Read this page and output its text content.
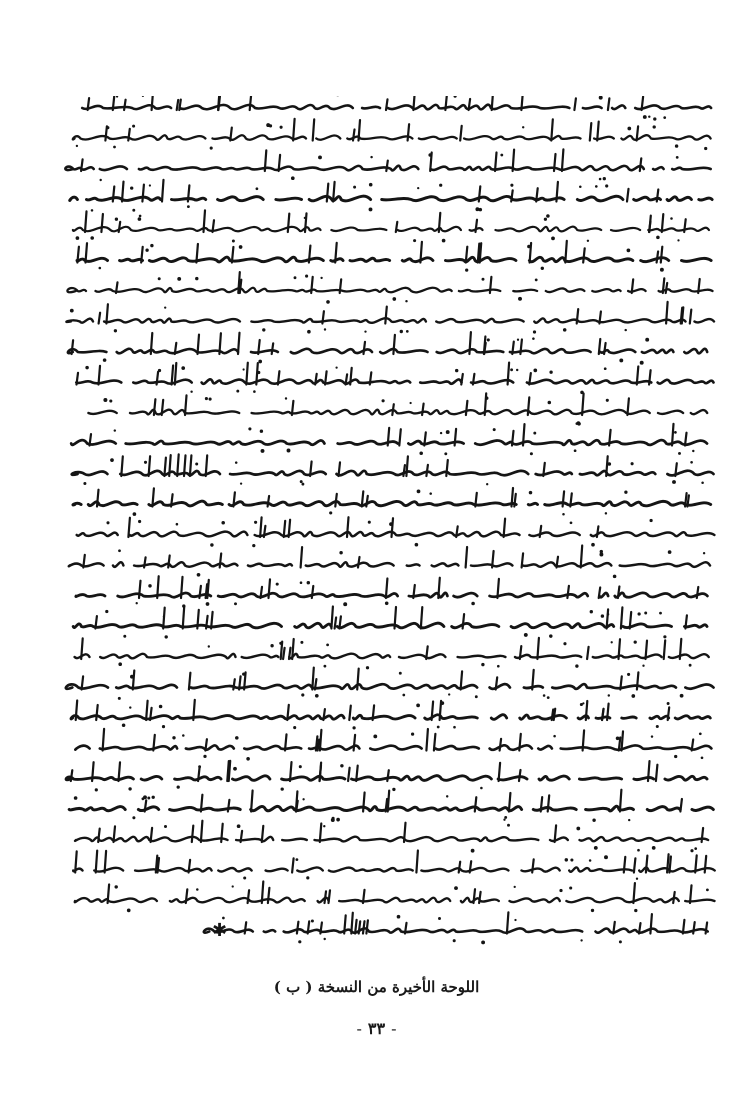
✱
اللوحة الأخيرة من النسخة ( ب )
-٣٣-
